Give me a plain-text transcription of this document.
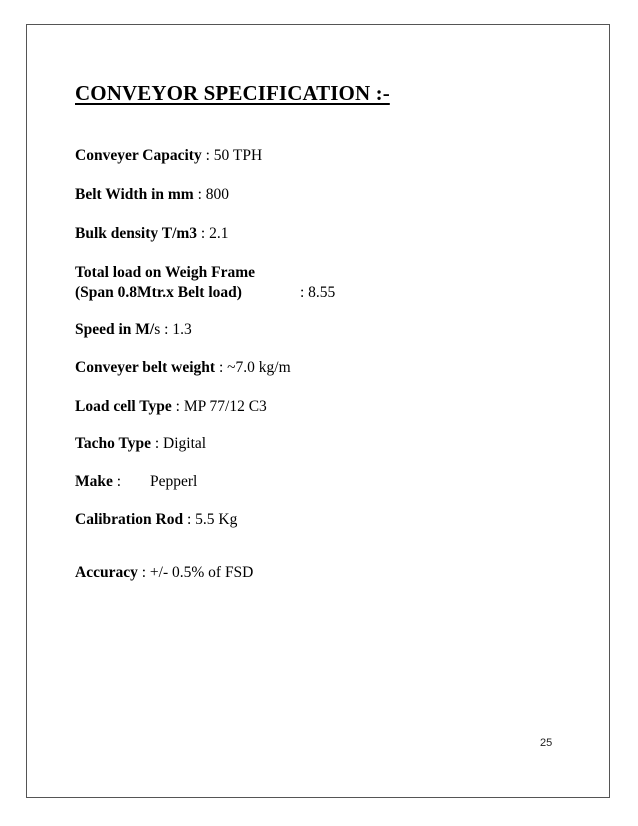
CONVEYOR SPECIFICATION :-
Conveyer Capacity : 50 TPH
Belt Width in mm : 800
Bulk density T/m3 : 2.1
Total load on Weigh Frame
(Span 0.8Mtr.x Belt load)	: 8.55
Speed in M/s : 1.3
Conveyer belt weight : ~7.0 kg/m
Load cell Type : MP 77/12 C3
Tacho Type : Digital
Make : Pepperl
Calibration Rod : 5.5 Kg
Accuracy : +/- 0.5% of FSD
25
